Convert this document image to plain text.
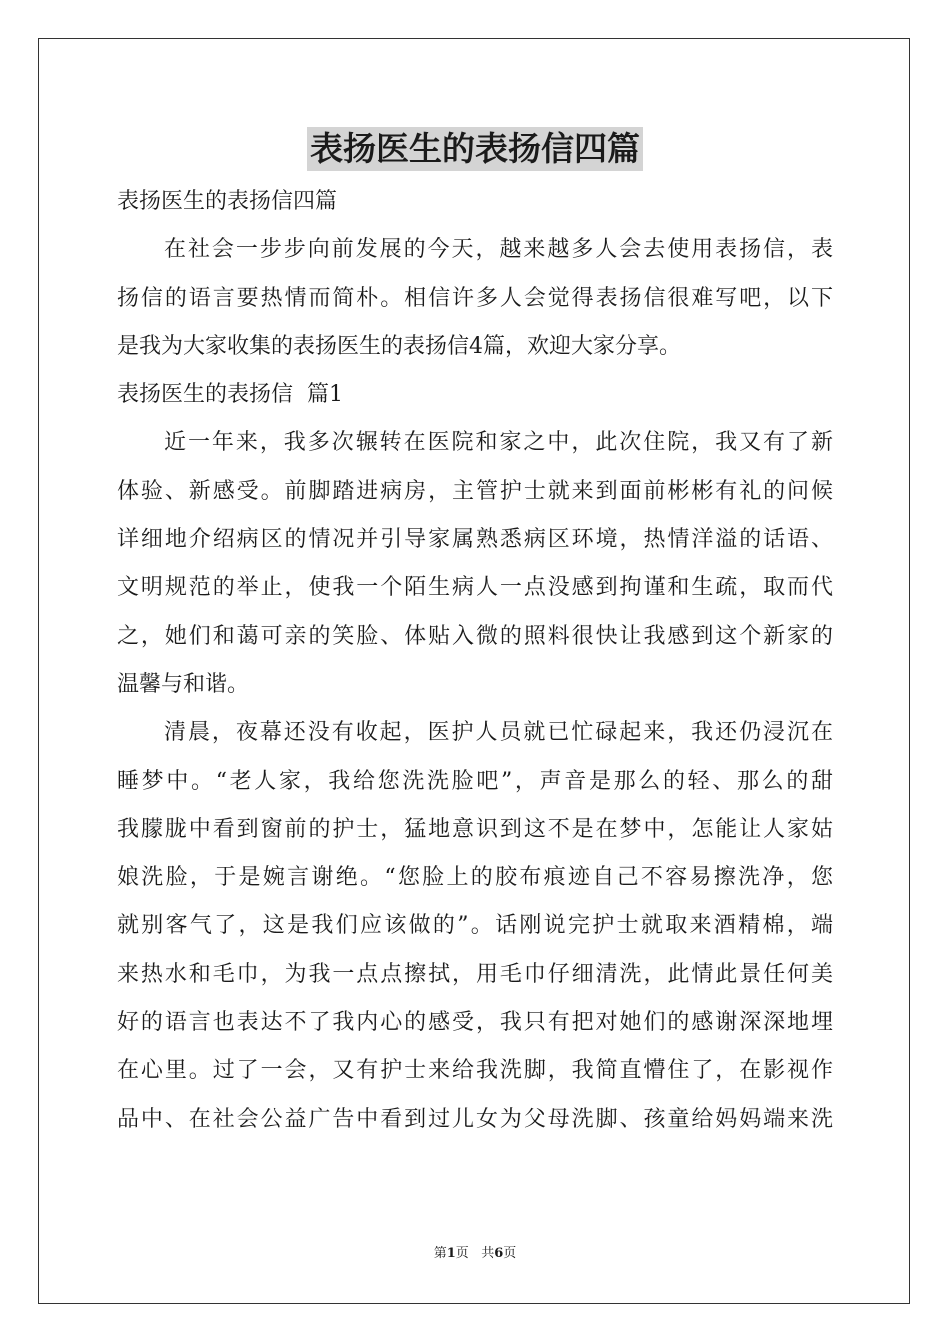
表扬医生的表扬信四篇
表扬医生的表扬信四篇
在社会一步步向前发展的今天，越来越多人会去使用表扬信，表
扬信的语言要热情而简朴。相信许多人会觉得表扬信很难写吧，以下
是我为大家收集的表扬医生的表扬信4篇，欢迎大家分享。
表扬医生的表扬信  篇1
近一年来，我多次辗转在医院和家之中，此次住院，我又有了新
体验、新感受。前脚踏进病房，主管护士就来到面前彬彬有礼的问候
详细地介绍病区的情况并引导家属熟悉病区环境，热情洋溢的话语、
文明规范的举止，使我一个陌生病人一点没感到拘谨和生疏，取而代
之，她们和蔼可亲的笑脸、体贴入微的照料很快让我感到这个新家的
温馨与和谐。
清晨，夜幕还没有收起，医护人员就已忙碌起来，我还仍浸沉在
睡梦中。“老人家，我给您洗洗脸吧”，声音是那么的轻、那么的甜
我朦胧中看到窗前的护士，猛地意识到这不是在梦中，怎能让人家姑
娘洗脸，于是婉言谢绝。“您脸上的胶布痕迹自己不容易擦洗净，您
就别客气了，这是我们应该做的”。话刚说完护士就取来酒精棉，端
来热水和毛巾，为我一点点擦拭，用毛巾仔细清洗，此情此景任何美
好的语言也表达不了我内心的感受，我只有把对她们的感谢深深地埋
在心里。过了一会，又有护士来给我洗脚，我简直懵住了，在影视作
品中、在社会公益广告中看到过儿女为父母洗脚、孩童给妈妈端来洗
第1页 共6页
